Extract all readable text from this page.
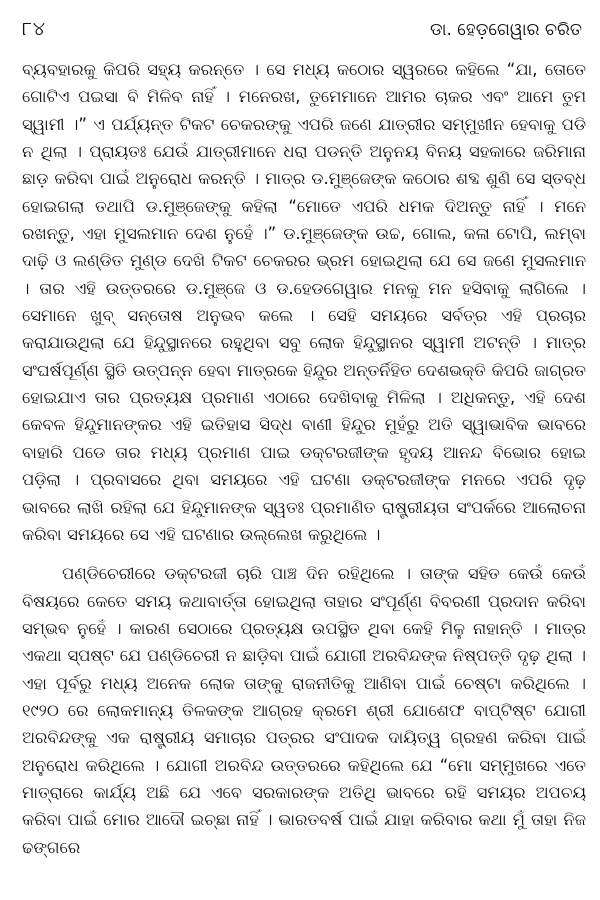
୮୪	ଡା. ହେଡ଼ଗେୱାର ଚରିତ

ବ୍ୟବହାରକୁ କିପରି ସହ୍ୟ କରନ୍ତେ । ସେ ମଧ୍ୟ କଠୋର ସ୍ୱରରେ କହିଲେ “ଯା, ତୋତେ ଗୋଟିଏ ପଇସା ବି ମିଳିବ ନାହିଁ । ମନେରଖ, ତୁମେମାନେ ଆମର ଚାକର ଏବଂ ଆମେ ତୁମ ସ୍ୱାମୀ ।” ଏ ପର୍ଯ୍ୟନ୍ତ ଟିକଟ ଚେକରଙ୍କୁ ଏପରି ଜଣେ ଯାତ୍ରୀର ସମ୍ମୁଖୀନ ହେବାକୁ ପଡି ନ ଥିଲା । ପ୍ରାୟତଃ ଯେଉଁ ଯାତ୍ରୀମାନେ ଧରା ପଡନ୍ତି ଅନୁନୟ ବିନୟ ସହକାରେ ଜରିମାନା ଛାଡ଼ କରିବା ପାଇଁ ଅନୁରୋଧ କରନ୍ତି । ମାତ୍ର ଡ.ମୁଞ୍ଜେଙ୍କ କଠୋର ଶବ୍ଦ ଶୁଣି ସେ ସ୍ତବ୍ଧ ହୋଇଗଲା ତଥାପି ଡ.ମୁଞ୍ଜେଙ୍କୁ କହିଲା “ମୋତେ ଏପରି ଧମକ ଦିଅନ୍ତୁ ନାହିଁ । ମନେ ରଖନ୍ତୁ, ଏହା ମୁସଲମାନ ଦେଶ ନୁହେଁ ।” ଡ.ମୁଞ୍ଜେଙ୍କ ଉଚ୍ଚ, ଗୋଲ, କଳା ଟୋପି, ଲମ୍ବା ଦାଢ଼ି ଓ ଲଣ୍ଡିତ ମୁଣ୍ଡ ଦେଖି ଟିକଟ ଚେକରର ଭ୍ରମ ହୋଇଥିଲା ଯେ ସେ ଜଣେ ମୁସଲମାନ । ତାର ଏହି ଉତ୍ତରରେ ଡ.ମୁଞ୍ଜେ ଓ ଡ.ହେଡଗେୱାର ମନକୁ ମନ ହସିବାକୁ ଲାଗିଲେ । ସେମାନେ ଖୁବ୍ ସନ୍ତୋଷ ଅନୁଭବ କଲେ । ସେହି ସମୟରେ ସର୍ବତ୍ର ଏହି ପ୍ରଚାର କରାଯାଉଥିଲା ଯେ ହିନ୍ଦୁସ୍ଥାନରେ ରହୁଥିବା ସବୁ ଲୋକ ହିନ୍ଦୁସ୍ଥାନର ସ୍ୱାମୀ ଅଟନ୍ତି । ମାତ୍ର ସଂଘର୍ଷପୂର୍ଣ୍ଣ ସ୍ଥିତି ଉତ୍ପନ୍ନ ହେବା ମାତ୍ରକେ ହିନ୍ଦୁର ଅନ୍ତର୍ନିହିତ ଦେଶଭକ୍ତି କିପରି ଜାଗ୍ରତ ହୋଇଯାଏ ତାର ପ୍ରତ୍ୟକ୍ଷ ପ୍ରମାଣ ଏଠାରେ ଦେଖିବାକୁ ମିଳିଲା । ଅଧିକନ୍ତୁ, ଏହି ଦେଶ କେବଳ ହିନ୍ଦୁମାନଙ୍କର ଏହି ଇତିହାସ ସିଦ୍ଧ ବାଣୀ ହିନ୍ଦୁର ମୁହଁରୁ ଅତି ସ୍ୱାଭାବିକ ଭାବରେ ବାହାରି ପଡେ ତାର ମଧ୍ୟ ପ୍ରମାଣ ପାଇ ଡକ୍ଟରଜୀଙ୍କ ହୃଦୟ ଆନନ୍ଦ ବିଭୋର ହୋଇ ପଡ଼ିଲା । ପ୍ରବାସରେ ଥିବା ସମୟରେ ଏହି ଘଟଣା ଡକ୍ଟରଜୀଙ୍କ ମନରେ ଏପରି ଦୃଢ଼ ଭାବରେ ଲାଖି ରହିଲା ଯେ ହିନ୍ଦୁମାନଙ୍କ ସ୍ୱତଃ ପ୍ରମାଣିତ ରାଷ୍ଟ୍ରୀୟତା ସଂପର୍କରେ ଆଲୋଚନା କରିବା ସମୟରେ ସେ ଏହି ଘଟଣାର ଉଲ୍ଲେଖ କରୁଥିଲେ ।

ପଣ୍ଡିଚେରୀରେ ଡକ୍ଟରଜୀ ଚାରି ପାଞ୍ଚ ଦିନ ରହିଥିଲେ । ତାଙ୍କ ସହିତ କେଉଁ କେଉଁ ବିଷୟରେ କେତେ ସମୟ କଥାବାର୍ତ୍ତା ହୋଇଥିଲା ତାହାର ସଂପୂର୍ଣ୍ଣ ବିବରଣୀ ପ୍ରଦାନ କରିବା ସମ୍ଭବ ନୁହେଁ । କାରଣ ସେଠାରେ ପ୍ରତ୍ୟକ୍ଷ ଉପସ୍ଥିତ ଥିବା କେହି ମିଳୁ ନାହାନ୍ତି । ମାତ୍ର ଏକଥା ସ୍ପଷ୍ଟ ଯେ ପଣ୍ଡିଚେରୀ ନ ଛାଡ଼ିବା ପାଇଁ ଯୋଗୀ ଅରବିନ୍ଦଙ୍କ ନିଷ୍ପତ୍ତି ଦୃଢ଼ ଥିଲା । ଏହା ପୂର୍ବରୁ ମଧ୍ୟ ଅନେକ ଲୋକ ତାଙ୍କୁ ରାଜନୀତିକୁ ଆଣିବା ପାଇଁ ଚେଷ୍ଟା କରିଥିଲେ । ୧୯୨୦ ରେ ଲୋକମାନ୍ୟ ତିଳକଙ୍କ ଆଗ୍ରହ କ୍ରମେ ଶ୍ରୀ ଯୋଶେଫ ବାପ୍ଟିଷ୍ଟ ଯୋଗୀ ଅରବିନ୍ଦଙ୍କୁ ଏକ ରାଷ୍ଟ୍ରୀୟ ସମାଚାର ପତ୍ରର ସଂପାଦକ ଦାୟିତ୍ୱ ଗ୍ରହଣ କରିବା ପାଇଁ ଅନୁରୋଧ କରିଥିଲେ । ଯୋଗୀ ଅରବିନ୍ଦ ଉତ୍ତରରେ କହିଥିଲେ ଯେ “ମୋ ସମ୍ମୁଖରେ ଏତେ ମାତ୍ରାରେ କାର୍ଯ୍ୟ ଅଛି ଯେ ଏବେ ସରକାରଙ୍କ ଅତିଥି ଭାବରେ ରହି ସମୟର ଅପଚୟ କରିବା ପାଇଁ ମୋର ଆଦୌ ଇଚ୍ଛା ନାହିଁ । ଭାରତବର୍ଷ ପାଇଁ ଯାହା କରିବାର କଥା ମୁଁ ତାହା ନିଜ ଢଙ୍ଗରେ
